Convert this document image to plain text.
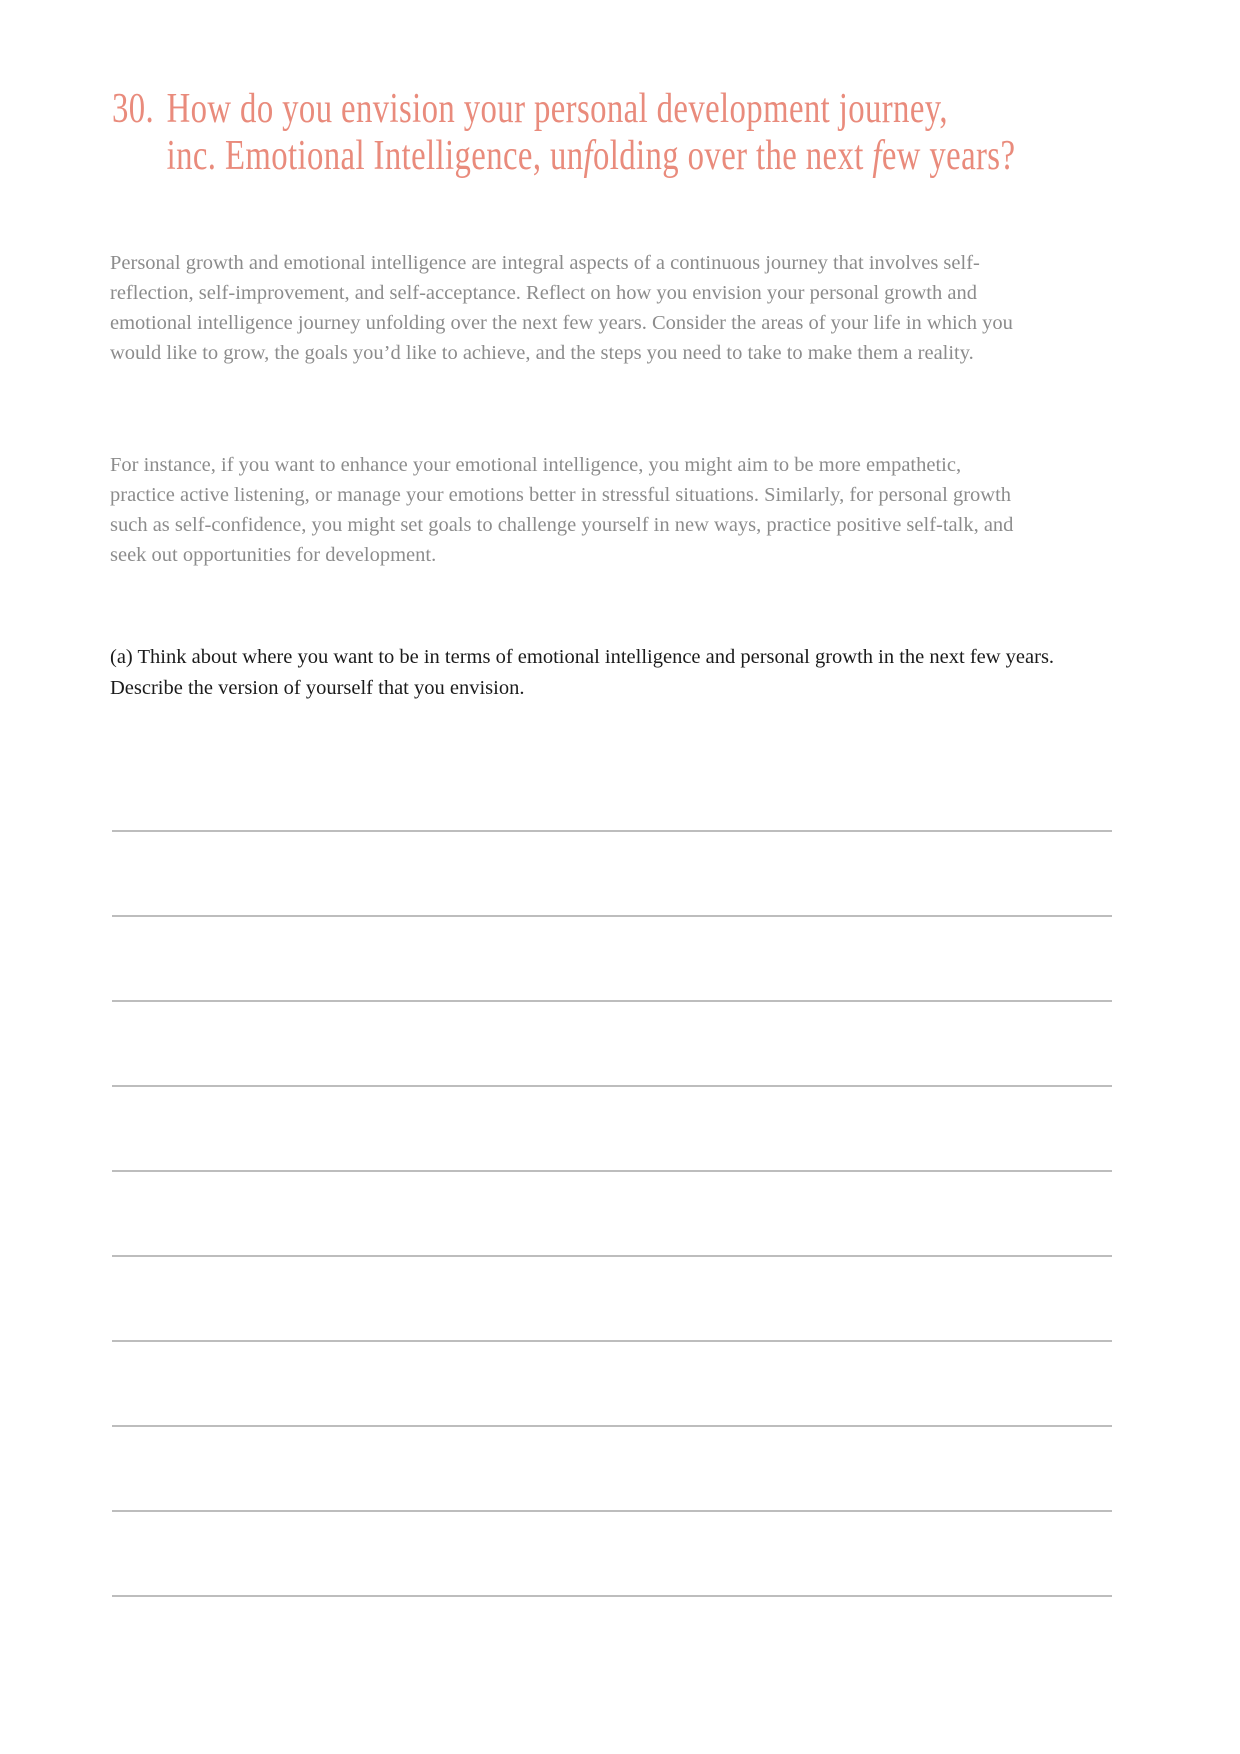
30. How do you envision your personal development journey,
inc. Emotional Intelligence, unfolding over the next few years?

Personal growth and emotional intelligence are integral aspects of a continuous journey that involves self-reflection, self-improvement, and self-acceptance. Reflect on how you envision your personal growth and emotional intelligence journey unfolding over the next few years. Consider the areas of your life in which you would like to grow, the goals you’d like to achieve, and the steps you need to take to make them a reality.

For instance, if you want to enhance your emotional intelligence, you might aim to be more empathetic, practice active listening, or manage your emotions better in stressful situations. Similarly, for personal growth such as self-confidence, you might set goals to challenge yourself in new ways, practice positive self-talk, and seek out opportunities for development.

(a) Think about where you want to be in terms of emotional intelligence and personal growth in the next few years. Describe the version of yourself that you envision.
